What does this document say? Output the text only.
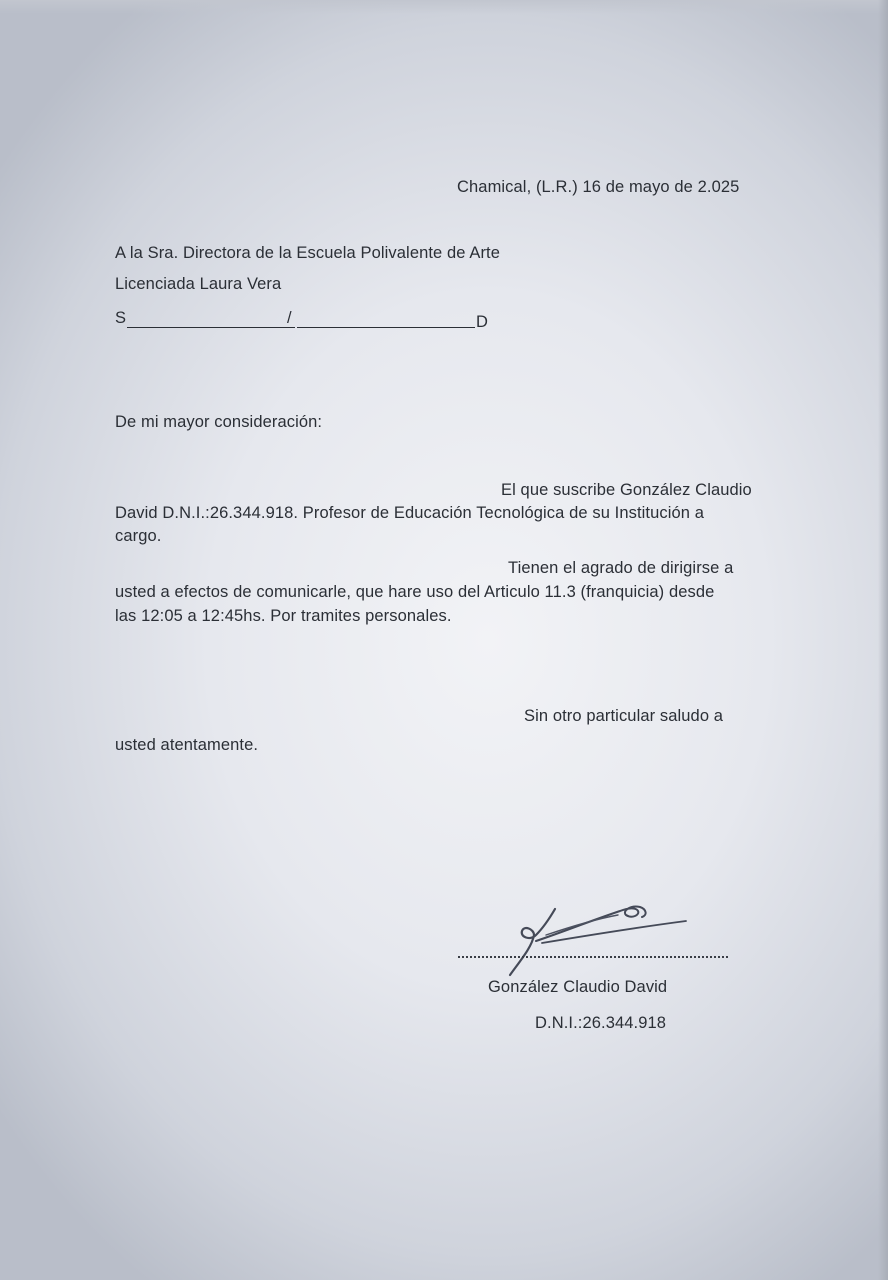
Chamical, (L.R.) 16 de mayo de 2.025

A la Sra. Directora de la Escuela Polivalente de Arte

Licenciada Laura Vera

S	/	D

De mi mayor consideración:

El que suscribe González Claudio

David D.N.I.:26.344.918. Profesor de Educación Tecnológica de su Institución a

cargo.

Tienen el agrado de dirigirse a

usted a efectos de comunicarle, que hare uso del Articulo 11.3 (franquicia) desde

las 12:05 a 12:45hs. Por tramites personales.

Sin otro particular saludo a

usted atentamente.

González Claudio David

D.N.I.:26.344.918
